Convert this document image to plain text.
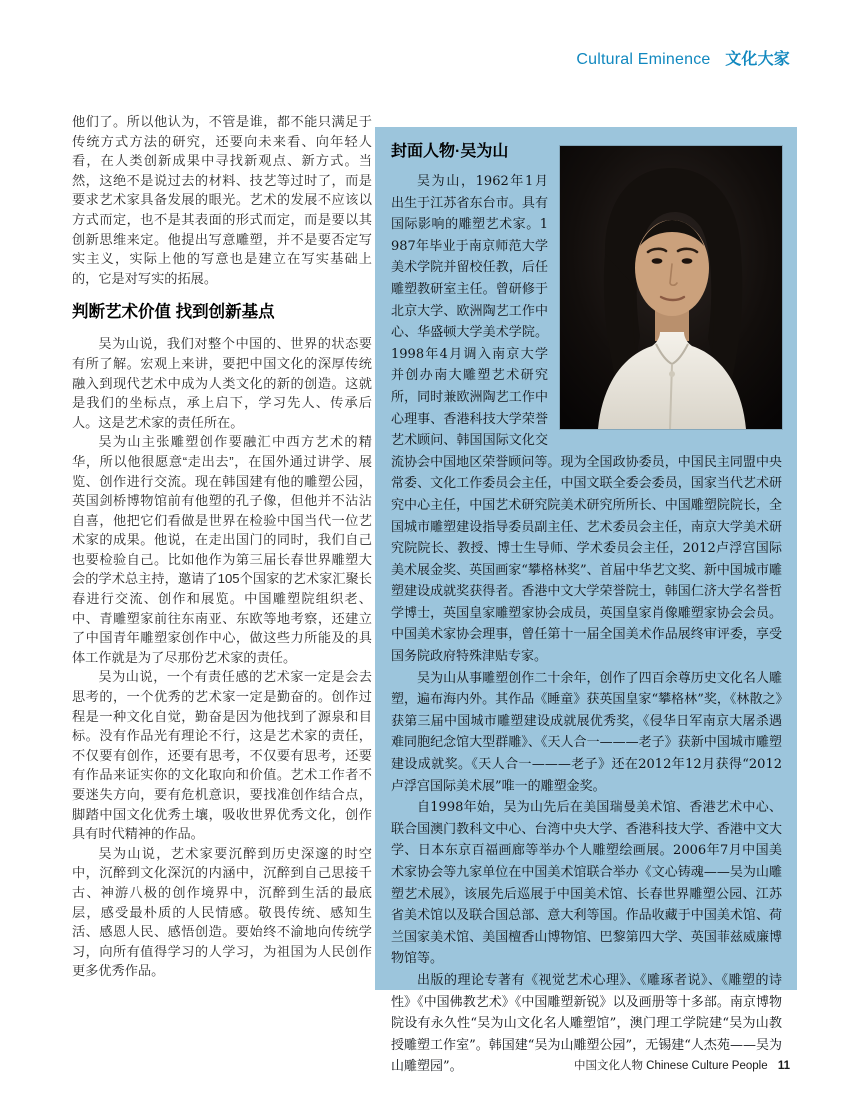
Cultural Eminence 文化大家

他们了。所以他认为，不管是谁，都不能只满足于传统方式方法的研究，还要向未来看、向年轻人看，在人类创新成果中寻找新观点、新方式。当然，这绝不是说过去的材料、技艺等过时了，而是要求艺术家具备发展的眼光。艺术的发展不应该以方式而定，也不是其表面的形式而定，而是要以其创新思维来定。他提出写意雕塑，并不是要否定写实主义，实际上他的写意也是建立在写实基础上的，它是对写实的拓展。

判断艺术价值 找到创新基点

吴为山说，我们对整个中国的、世界的状态要有所了解。宏观上来讲，要把中国文化的深厚传统融入到现代艺术中成为人类文化的新的创造。这就是我们的坐标点，承上启下，学习先人、传承后人。这是艺术家的责任所在。

吴为山主张雕塑创作要融汇中西方艺术的精华，所以他很愿意“走出去”，在国外通过讲学、展览、创作进行交流。现在韩国建有他的雕塑公园，英国剑桥博物馆前有他塑的孔子像，但他并不沾沾自喜，他把它们看做是世界在检验中国当代一位艺术家的成果。他说，在走出国门的同时，我们自己也要检验自己。比如他作为第三届长春世界雕塑大会的学术总主持，邀请了105个国家的艺术家汇聚长春进行交流、创作和展览。中国雕塑院组织老、中、青雕塑家前往东南亚、东欧等地考察，还建立了中国青年雕塑家创作中心，做这些力所能及的具体工作就是为了尽那份艺术家的责任。

吴为山说，一个有责任感的艺术家一定是会去思考的，一个优秀的艺术家一定是勤奋的。创作过程是一种文化自觉，勤奋是因为他找到了源泉和目标。没有作品光有理论不行，这是艺术家的责任，不仅要有创作，还要有思考，不仅要有思考，还要有作品来证实你的文化取向和价值。艺术工作者不要迷失方向，要有危机意识，要找准创作结合点，脚踏中国文化优秀土壤，吸收世界优秀文化，创作具有时代精神的作品。

吴为山说，艺术家要沉醉到历史深邃的时空中，沉醉到文化深沉的内涵中，沉醉到自己思接千古、神游八极的创作境界中，沉醉到生活的最底层，感受最朴质的人民情感。敬畏传统、感知生活、感恩人民、感悟创造。要始终不渝地向传统学习，向所有值得学习的人学习，为祖国为人民创作更多优秀作品。

封面人物·吴为山

吴为山，1962年1月出生于江苏省东台市。具有国际影响的雕塑艺术家。1987年毕业于南京师范大学美术学院并留校任教，后任雕塑教研室主任。曾研修于北京大学、欧洲陶艺工作中心、华盛顿大学美术学院。1998年4月调入南京大学并创办南大雕塑艺术研究所，同时兼欧洲陶艺工作中心理事、香港科技大学荣誉艺术顾问、韩国国际文化交流协会中国地区荣誉顾问等。现为全国政协委员，中国民主同盟中央常委、文化工作委员会主任，中国文联全委会委员，国家当代艺术研究中心主任，中国艺术研究院美术研究所所长、中国雕塑院院长，全国城市雕塑建设指导委员副主任、艺术委员会主任，南京大学美术研究院院长、教授、博士生导师、学术委员会主任，2012卢浮宫国际美术展金奖、英国画家“攀格林奖”、首届中华艺文奖、新中国城市雕塑建设成就奖获得者。香港中文大学荣誉院士，韩国仁济大学名誉哲学博士，英国皇家雕塑家协会成员，英国皇家肖像雕塑家协会会员。中国美术家协会理事，曾任第十一届全国美术作品展终审评委，享受国务院政府特殊津贴专家。

吴为山从事雕塑创作二十余年，创作了四百余尊历史文化名人雕塑，遍布海内外。其作品《睡童》获英国皇家“攀格林”奖，《林散之》获第三届中国城市雕塑建设成就展优秀奖，《侵华日军南京大屠杀遇难同胞纪念馆大型群雕》、《天人合一———老子》获新中国城市雕塑建设成就奖。《天人合一———老子》还在2012年12月获得“2012卢浮宫国际美术展”唯一的雕塑金奖。

自1998年始，吴为山先后在美国瑞曼美术馆、香港艺术中心、联合国澳门教科文中心、台湾中央大学、香港科技大学、香港中文大学、日本东京百福画廊等举办个人雕塑绘画展。2006年7月中国美术家协会等九家单位在中国美术馆联合举办《文心铸魂——吴为山雕塑艺术展》，该展先后巡展于中国美术馆、长春世界雕塑公园、江苏省美术馆以及联合国总部、意大利等国。作品收藏于中国美术馆、荷兰国家美术馆、美国檀香山博物馆、巴黎第四大学、英国菲兹威廉博物馆等。

出版的理论专著有《视觉艺术心理》、《雕琢者说》、《雕塑的诗性》《中国佛教艺术》《中国雕塑新锐》以及画册等十多部。南京博物院设有永久性“吴为山文化名人雕塑馆”，澳门理工学院建“吴为山教授雕塑工作室”。韩国建“吴为山雕塑公园”，无锡建“人杰苑——吴为山雕塑园”。	中国文化人物 Chinese Culture People 11
